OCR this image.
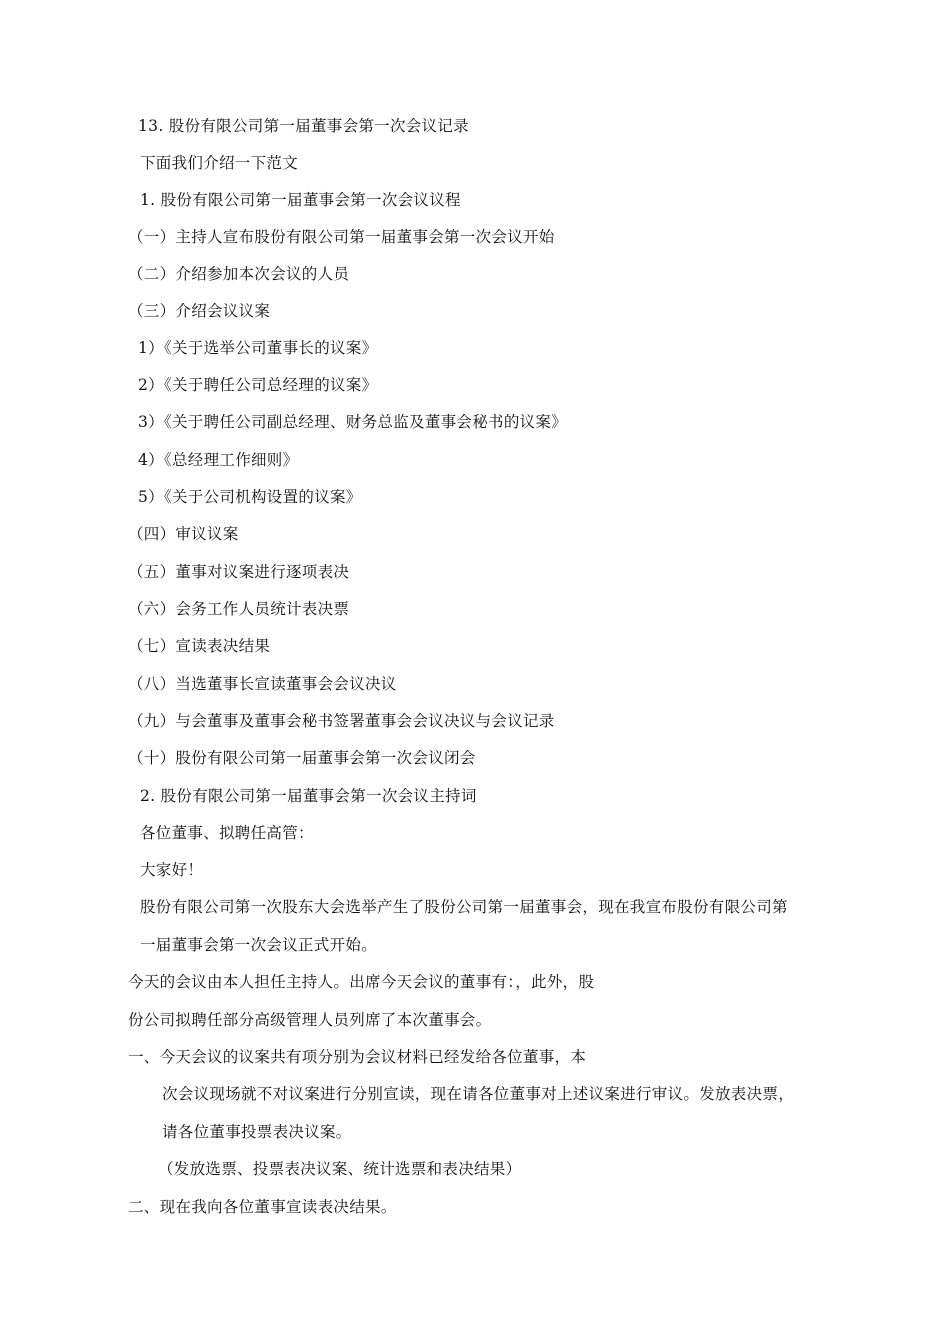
13. 股份有限公司第一届董事会第一次会议记录
下面我们介绍一下范文
1. 股份有限公司第一届董事会第一次会议议程
（一）主持人宣布股份有限公司第一届董事会第一次会议开始
（二）介绍参加本次会议的人员
（三）介绍会议议案
1）《关于选举公司董事长的议案》
2）《关于聘任公司总经理的议案》
3）《关于聘任公司副总经理、财务总监及董事会秘书的议案》
4）《总经理工作细则》
5）《关于公司机构设置的议案》
（四）审议议案
（五）董事对议案进行逐项表决
（六）会务工作人员统计表决票
（七）宣读表决结果
（八）当选董事长宣读董事会会议决议
（九）与会董事及董事会秘书签署董事会会议决议与会议记录
（十）股份有限公司第一届董事会第一次会议闭会
2. 股份有限公司第一届董事会第一次会议主持词
各位董事、拟聘任高管：
大家好！
股份有限公司第一次股东大会选举产生了股份公司第一届董事会，现在我宣布股份有限公司第
一届董事会第一次会议正式开始。
今天的会议由本人担任主持人。出席今天会议的董事有：，此外，股
份公司拟聘任部分高级管理人员列席了本次董事会。
一、今天会议的议案共有项分别为会议材料已经发给各位董事，本
次会议现场就不对议案进行分别宣读，现在请各位董事对上述议案进行审议。发放表决票，
请各位董事投票表决议案。
（发放选票、投票表决议案、统计选票和表决结果）
二、现在我向各位董事宣读表决结果。
